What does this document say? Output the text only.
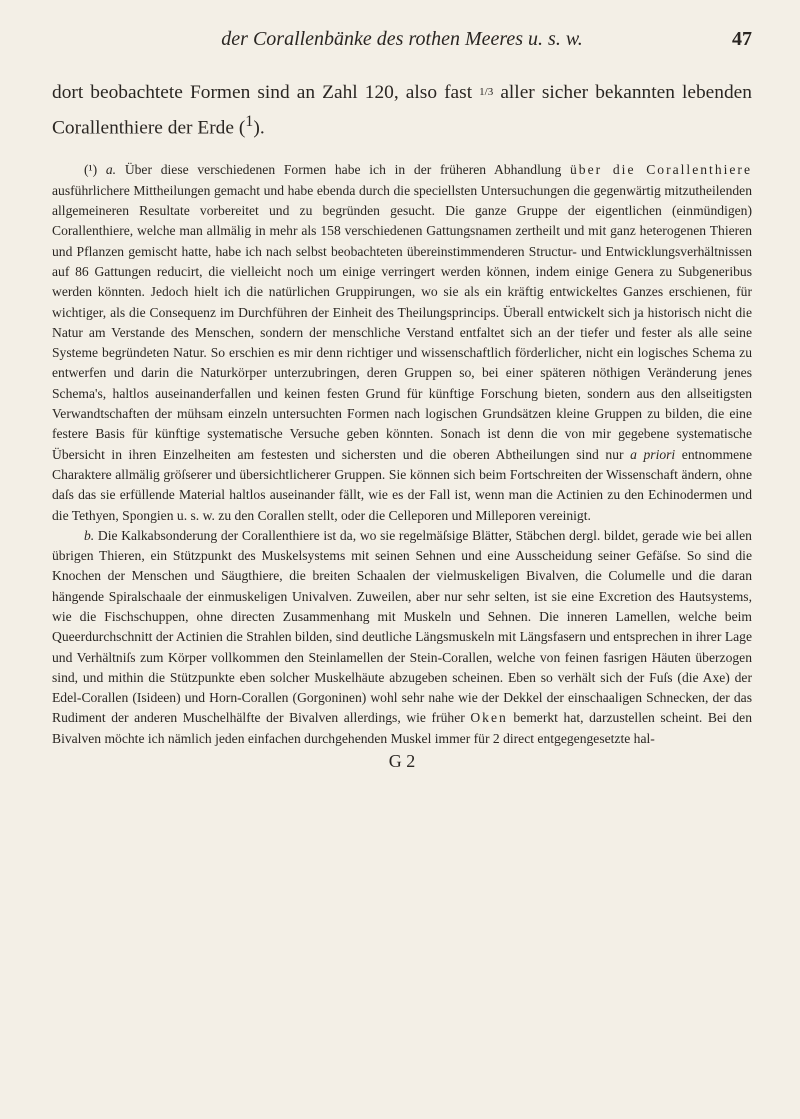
der Corallenbänke des rothen Meeres u. s. w.	47

dort beobachtete Formen sind an Zahl 120, also fast 1/3 aller sicher bekannten lebenden Corallenthiere der Erde ($^1$).

(¹) a. Über diese verschiedenen Formen habe ich in der früheren Abhandlung über die Corallenthiere ausführlichere Mittheilungen gemacht und habe ebenda durch die speciellsten Untersuchungen die gegenwärtig mitzutheilenden allgemeineren Resultate vorbereitet und zu begründen gesucht. Die ganze Gruppe der eigentlichen (einmündigen) Corallenthiere, welche man allmälig in mehr als 158 verschiedenen Gattungsnamen zertheilt und mit ganz heterogenen Thieren und Pflanzen gemischt hatte, habe ich nach selbst beobachteten übereinstimmenderen Structur- und Entwicklungsverhältnissen auf 86 Gattungen reducirt, die vielleicht noch um einige verringert werden können, indem einige Genera zu Subgeneribus werden könnten. Jedoch hielt ich die natürlichen Gruppirungen, wo sie als ein kräftig entwickeltes Ganzes erschienen, für wichtiger, als die Consequenz im Durchführen der Einheit des Theilungsprincips. Überall entwickelt sich ja historisch nicht die Natur am Verstande des Menschen, sondern der menschliche Verstand entfaltet sich an der tiefer und fester als alle seine Systeme begründeten Natur. So erschien es mir denn richtiger und wissenschaftlich förderlicher, nicht ein logisches Schema zu entwerfen und darin die Naturkörper unterzubringen, deren Gruppen so, bei einer späteren nöthigen Veränderung jenes Schema's, haltlos auseinanderfallen und keinen festen Grund für künftige Forschung bieten, sondern aus den allseitigsten Verwandtschaften der mühsam einzeln untersuchten Formen nach logischen Grundsätzen kleine Gruppen zu bilden, die eine festere Basis für künftige systematische Versuche geben könnten. Sonach ist denn die von mir gegebene systematische Übersicht in ihren Einzelheiten am festesten und sichersten und die oberen Abtheilungen sind nur a priori entnommene Charaktere allmälig gröſserer und übersichtlicherer Gruppen. Sie können sich beim Fortschreiten der Wissenschaft ändern, ohne daſs das sie erfüllende Material haltlos auseinander fällt, wie es der Fall ist, wenn man die Actinien zu den Echinodermen und die Tethyen, Spongien u. s. w. zu den Corallen stellt, oder die Celleporen und Milleporen vereinigt.

b. Die Kalkabsonderung der Corallenthiere ist da, wo sie regelmäſsige Blätter, Stäbchen dergl. bildet, gerade wie bei allen übrigen Thieren, ein Stützpunkt des Muskelsystems mit seinen Sehnen und eine Ausscheidung seiner Gefäſse. So sind die Knochen der Menschen und Säugthiere, die breiten Schaalen der vielmuskeligen Bivalven, die Columelle und die daran hängende Spiralschaale der einmuskeligen Univalven. Zuweilen, aber nur sehr selten, ist sie eine Excretion des Hautsystems, wie die Fischschuppen, ohne directen Zusammenhang mit Muskeln und Sehnen. Die inneren Lamellen, welche beim Queerdurchschnitt der Actinien die Strahlen bilden, sind deutliche Längsmuskeln mit Längsfasern und entsprechen in ihrer Lage und Verhältniſs zum Körper vollkommen den Steinlamellen der Stein-Corallen, welche von feinen fasrigen Häuten überzogen sind, und mithin die Stützpunkte eben solcher Muskelhäute abzugeben scheinen. Eben so verhält sich der Fuſs (die Axe) der Edel-Corallen (Isideen) und Horn-Corallen (Gorgoninen) wohl sehr nahe wie der Dekkel der einschaaligen Schnecken, der das Rudiment der anderen Muschelhälfte der Bivalven allerdings, wie früher Oken bemerkt hat, darzustellen scheint. Bei den Bivalven möchte ich nämlich jeden einfachen durchgehenden Muskel immer für 2 direct entgegengesetzte hal-

G 2
